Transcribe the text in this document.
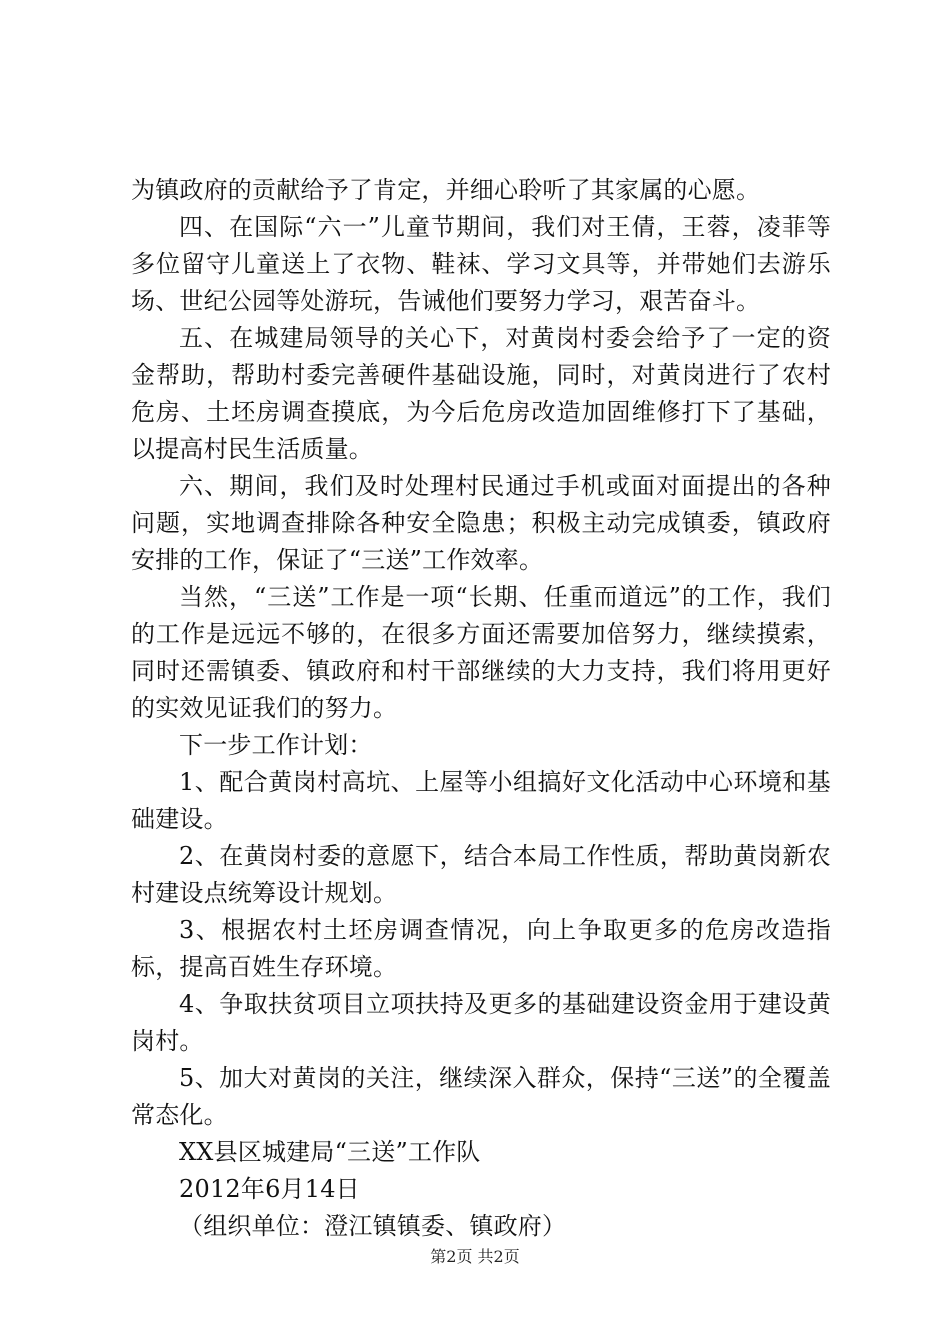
为镇政府的贡献给予了肯定，并细心聆听了其家属的心愿。

四、在国际“六一”儿童节期间，我们对王倩，王蓉，凌菲等多位留守儿童送上了衣物、鞋袜、学习文具等，并带她们去游乐场、世纪公园等处游玩，告诫他们要努力学习，艰苦奋斗。

五、在城建局领导的关心下，对黄岗村委会给予了一定的资金帮助，帮助村委完善硬件基础设施，同时，对黄岗进行了农村危房、土坯房调查摸底，为今后危房改造加固维修打下了基础，以提高村民生活质量。

六、期间，我们及时处理村民通过手机或面对面提出的各种问题，实地调查排除各种安全隐患；积极主动完成镇委，镇政府安排的工作，保证了“三送”工作效率。

当然，“三送”工作是一项“长期、任重而道远”的工作，我们的工作是远远不够的，在很多方面还需要加倍努力，继续摸索，同时还需镇委、镇政府和村干部继续的大力支持，我们将用更好的实效见证我们的努力。

下一步工作计划：

1、配合黄岗村高坑、上屋等小组搞好文化活动中心环境和基础建设。

2、在黄岗村委的意愿下，结合本局工作性质，帮助黄岗新农村建设点统筹设计规划。

3、根据农村土坯房调查情况，向上争取更多的危房改造指标，提高百姓生存环境。

4、争取扶贫项目立项扶持及更多的基础建设资金用于建设黄岗村。

5、加大对黄岗的关注，继续深入群众，保持“三送”的全覆盖常态化。

XX县区城建局“三送”工作队

2012年6月14日

（组织单位：澄江镇镇委、镇政府）

第2页 共2页
